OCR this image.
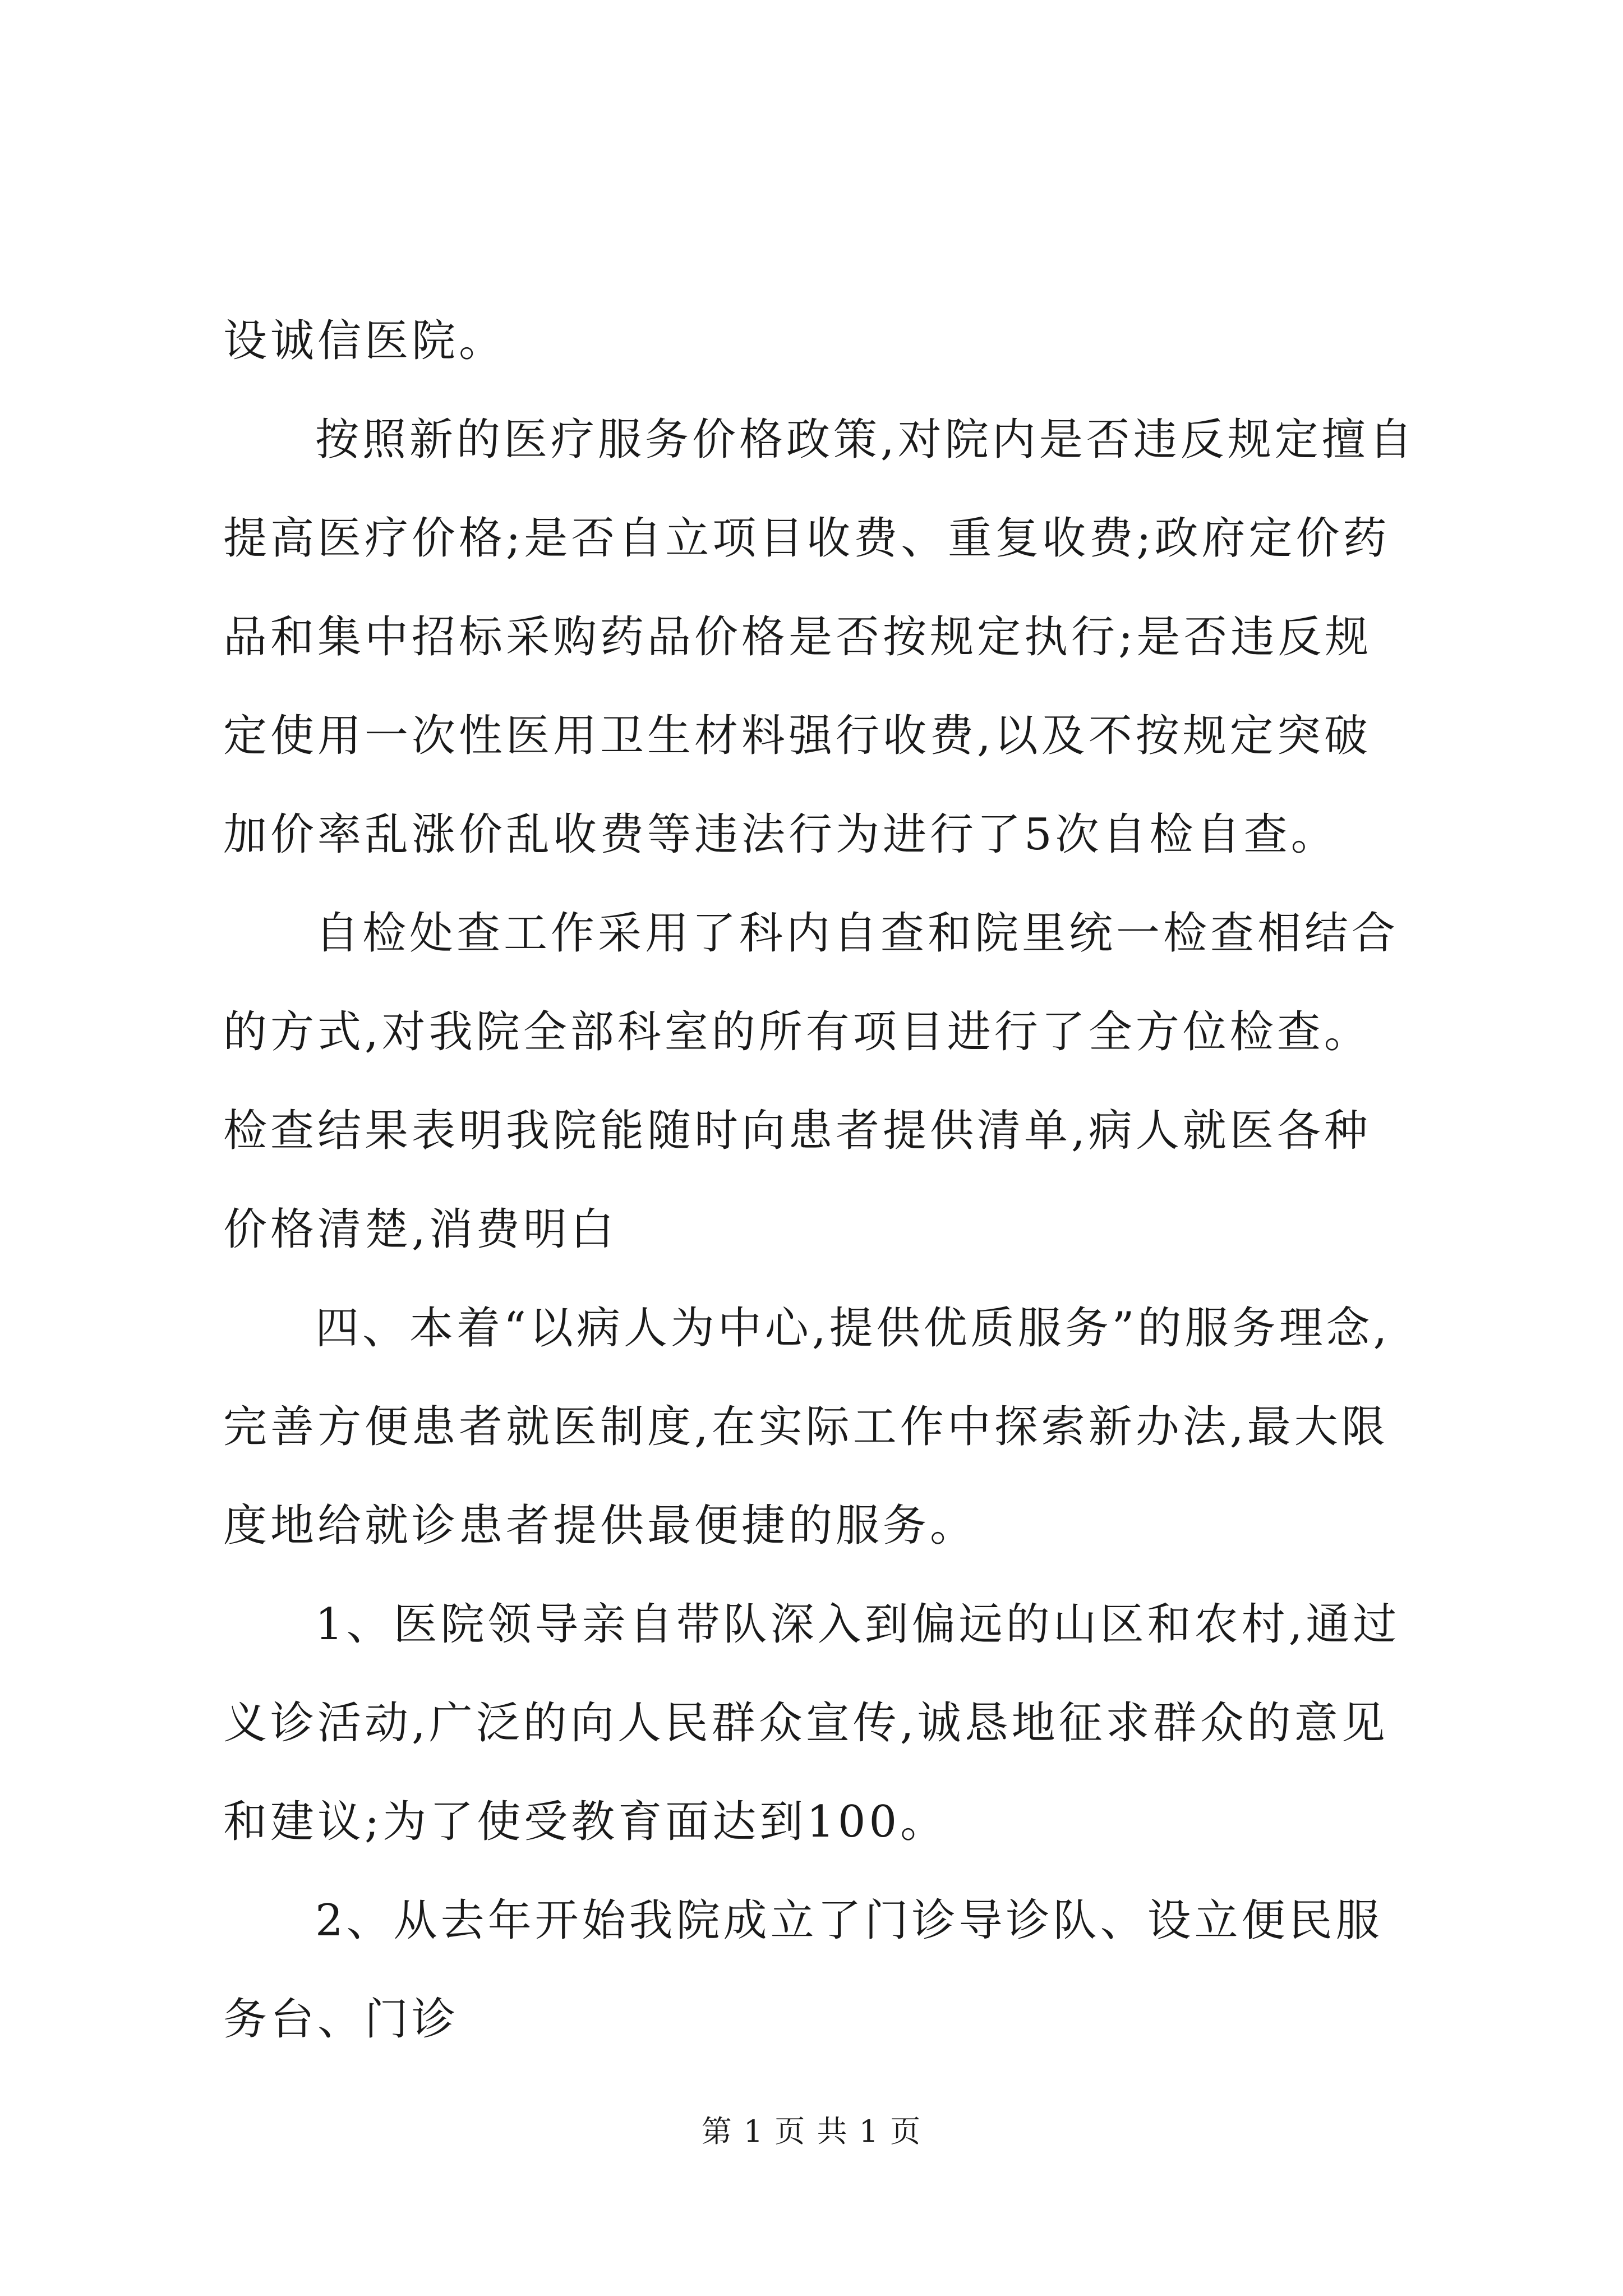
设诚信医院。

按照新的医疗服务价格政策,对院内是否违反规定擅自提高医疗价格;是否自立项目收费、重复收费;政府定价药品和集中招标采购药品价格是否按规定执行;是否违反规定使用一次性医用卫生材料强行收费,以及不按规定突破加价率乱涨价乱收费等违法行为进行了5次自检自查。

自检处查工作采用了科内自查和院里统一检查相结合的方式,对我院全部科室的所有项目进行了全方位检查。检查结果表明我院能随时向患者提供清单,病人就医各种价格清楚,消费明白

四、本着“以病人为中心,提供优质服务”的服务理念,完善方便患者就医制度,在实际工作中探索新办法,最大限度地给就诊患者提供最便捷的服务。

1、医院领导亲自带队深入到偏远的山区和农村,通过义诊活动,广泛的向人民群众宣传,诚恳地征求群众的意见和建议;为了使受教育面达到100。

2、从去年开始我院成立了门诊导诊队、设立便民服务台、门诊

第 1 页 共 1 页
